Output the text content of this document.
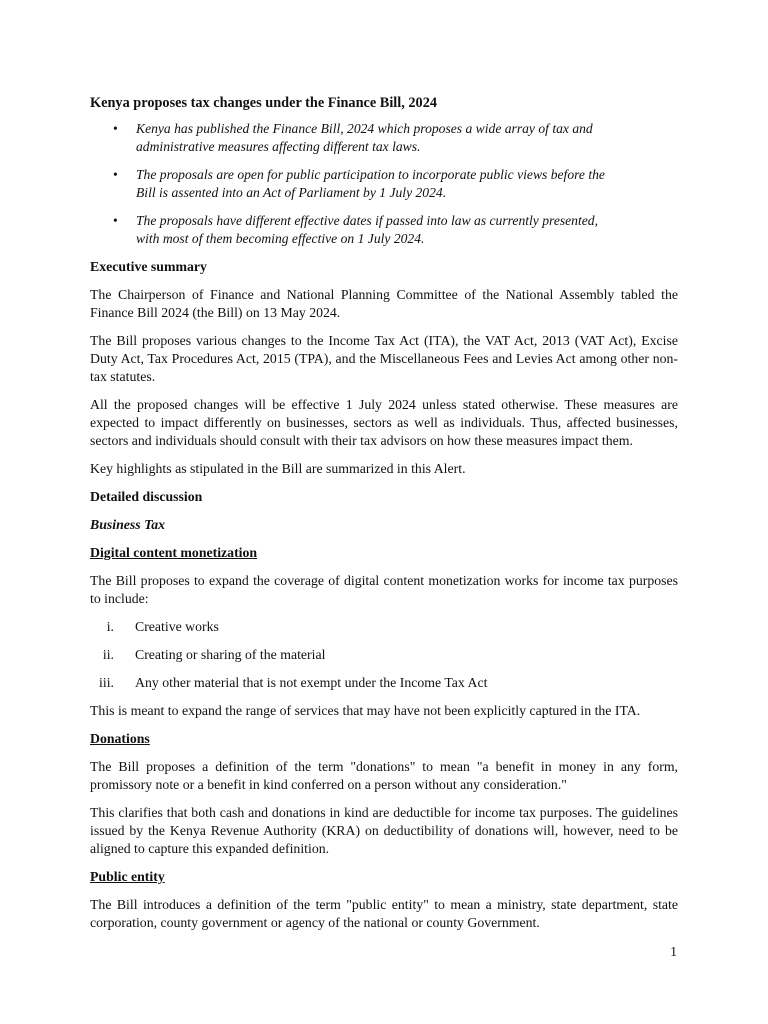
Kenya proposes tax changes under the Finance Bill, 2024
• Kenya has published the Finance Bill, 2024 which proposes a wide array of tax and administrative measures affecting different tax laws.
• The proposals are open for public participation to incorporate public views before the Bill is assented into an Act of Parliament by 1 July 2024.
• The proposals have different effective dates if passed into law as currently presented, with most of them becoming effective on 1 July 2024.
Executive summary

The Chairperson of Finance and National Planning Committee of the National Assembly tabled the Finance Bill 2024 (the Bill) on 13 May 2024.

The Bill proposes various changes to the Income Tax Act (ITA), the VAT Act, 2013 (VAT Act), Excise Duty Act, Tax Procedures Act, 2015 (TPA), and the Miscellaneous Fees and Levies Act among other non-tax statutes.

All the proposed changes will be effective 1 July 2024 unless stated otherwise. These measures are expected to impact differently on businesses, sectors as well as individuals. Thus, affected businesses, sectors and individuals should consult with their tax advisors on how these measures impact them.

Key highlights as stipulated in the Bill are summarized in this Alert.

Detailed discussion
Business Tax
Digital content monetization

The Bill proposes to expand the coverage of digital content monetization works for income tax purposes to include:

i. Creative works
ii. Creating or sharing of the material
iii. Any other material that is not exempt under the Income Tax Act

This is meant to expand the range of services that may have not been explicitly captured in the ITA.

Donations

The Bill proposes a definition of the term "donations" to mean "a benefit in money in any form, promissory note or a benefit in kind conferred on a person without any consideration."

This clarifies that both cash and donations in kind are deductible for income tax purposes. The guidelines issued by the Kenya Revenue Authority (KRA) on deductibility of donations will, however, need to be aligned to capture this expanded definition.

Public entity

The Bill introduces a definition of the term "public entity" to mean a ministry, state department, state corporation, county government or agency of the national or county Government.

1
